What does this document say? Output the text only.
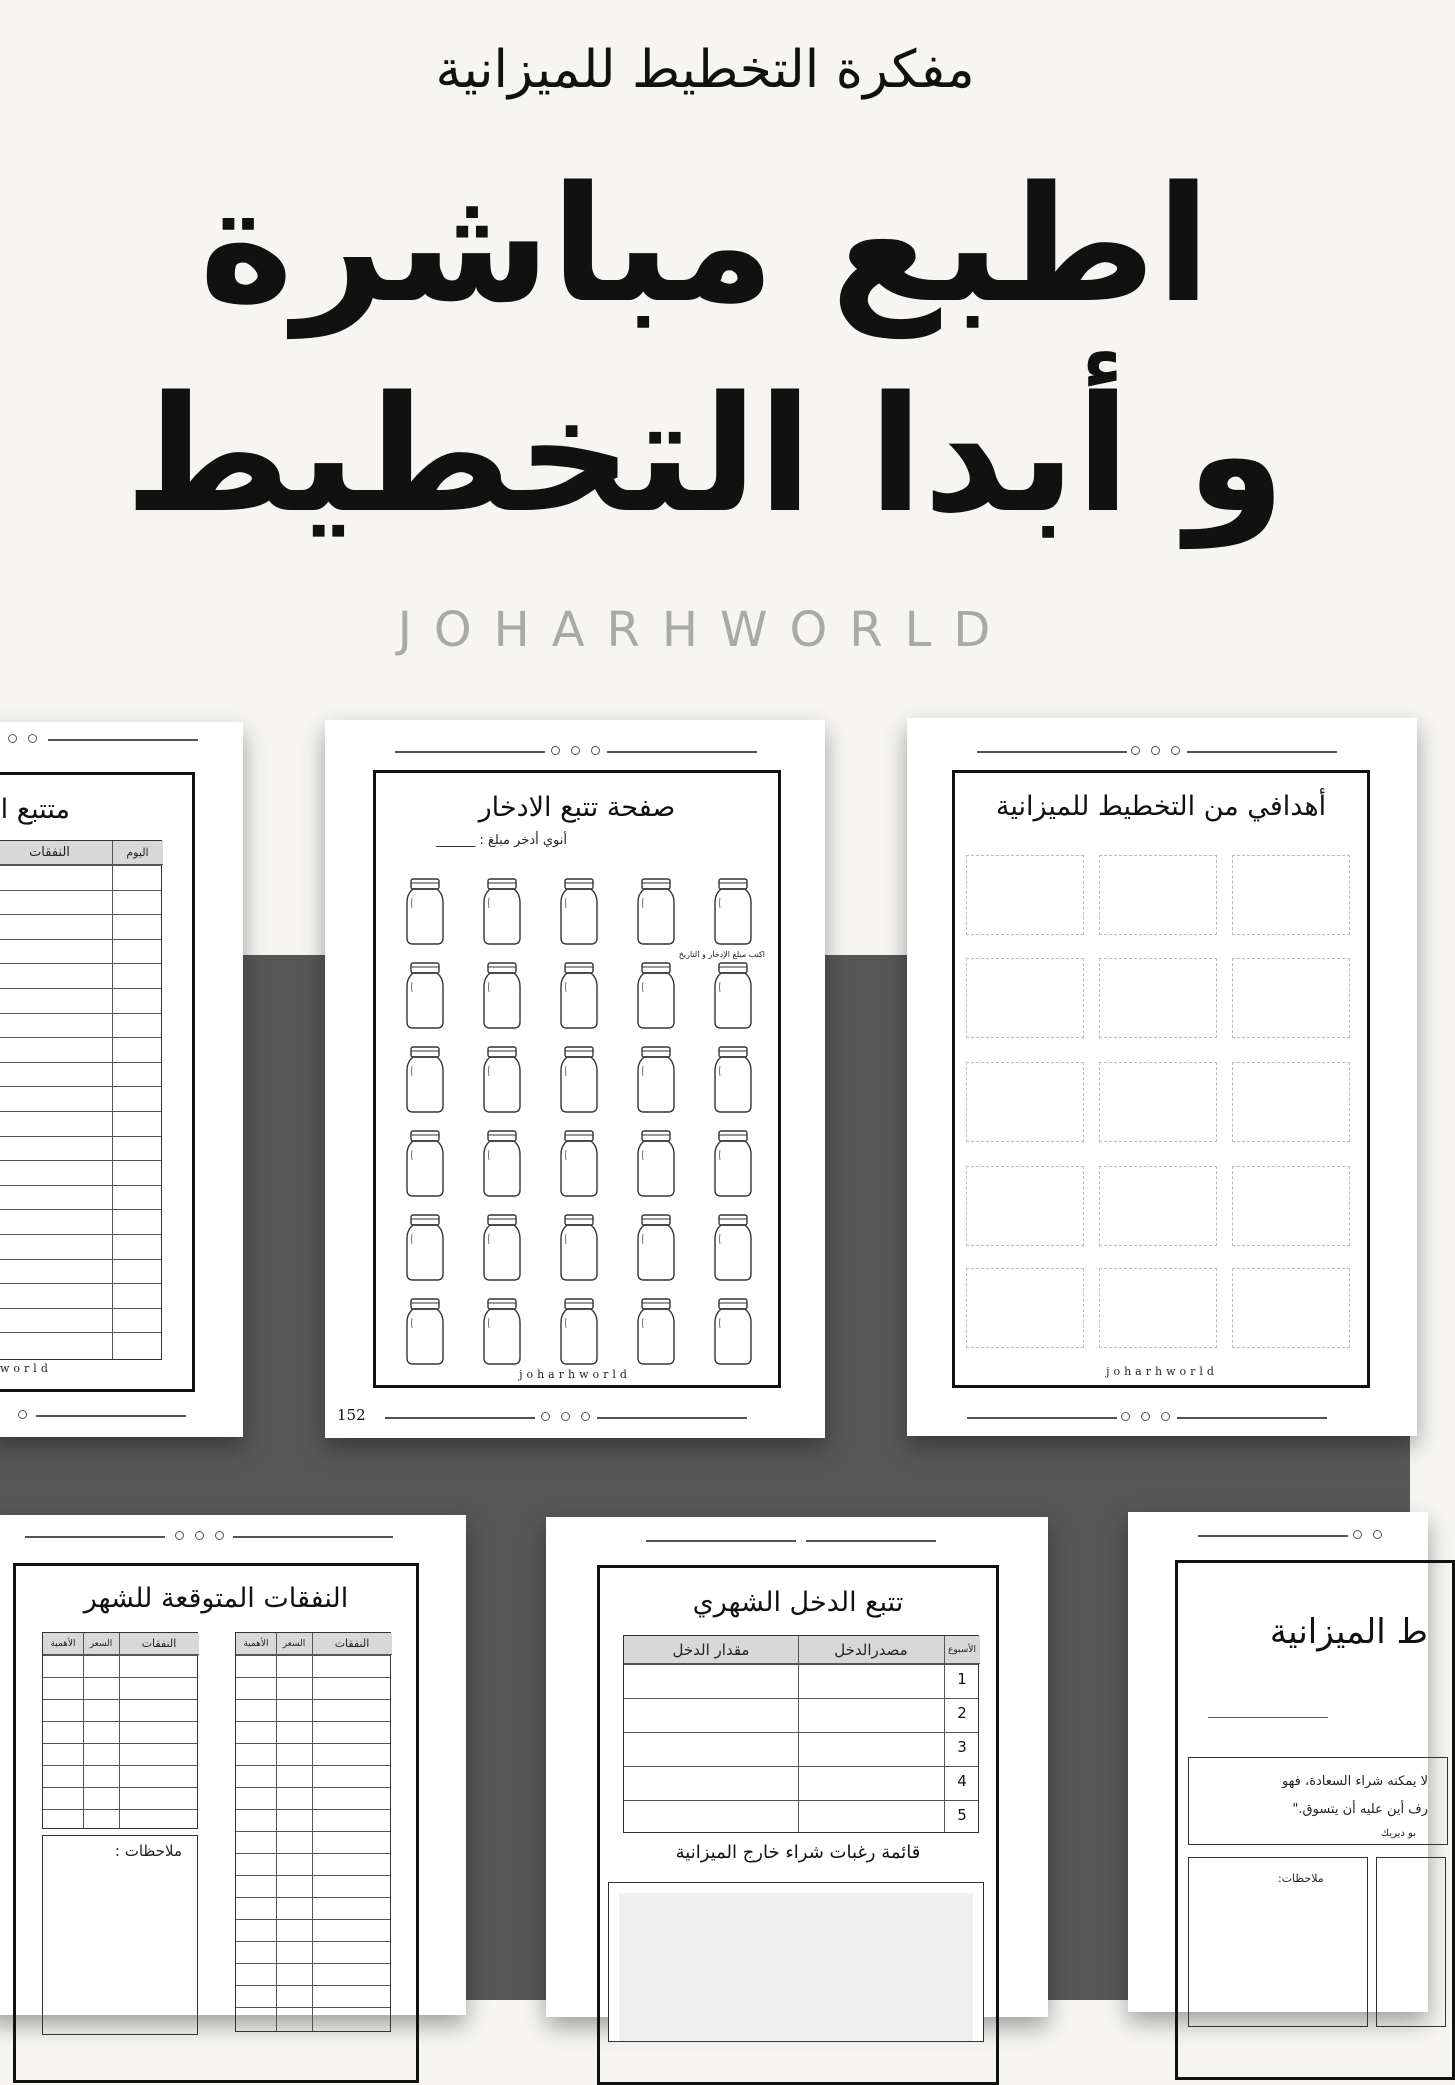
مفكرة التخطيط للميزانية
اطبع مباشرة
و أبدا التخطيط
JOHARHWORLD
متتبع ا
النفقات	اليوم
world
صفحة تتبع الادخار
أنوي أدخر مبلغ : ______
اكتب مبلغ الإدخار و التاريخ
joharhworld
152
أهدافي من التخطيط للميزانية
joharhworld
النفقات المتوقعة للشهر
الأهمية	السعر	النفقات	الأهمية	السعر	النفقات
ملاحظات :
تتبع الدخل الشهري
مقدار الدخل	مصدرالدخل	الأسبوع
1
2
3
4
5
قائمة رغبات شراء خارج الميزانية
ط الميزانية
لا يمكنه شراء السعادة، فهو
رف أين عليه أن يتسوق."
بو ديريك
ملاحظات:
